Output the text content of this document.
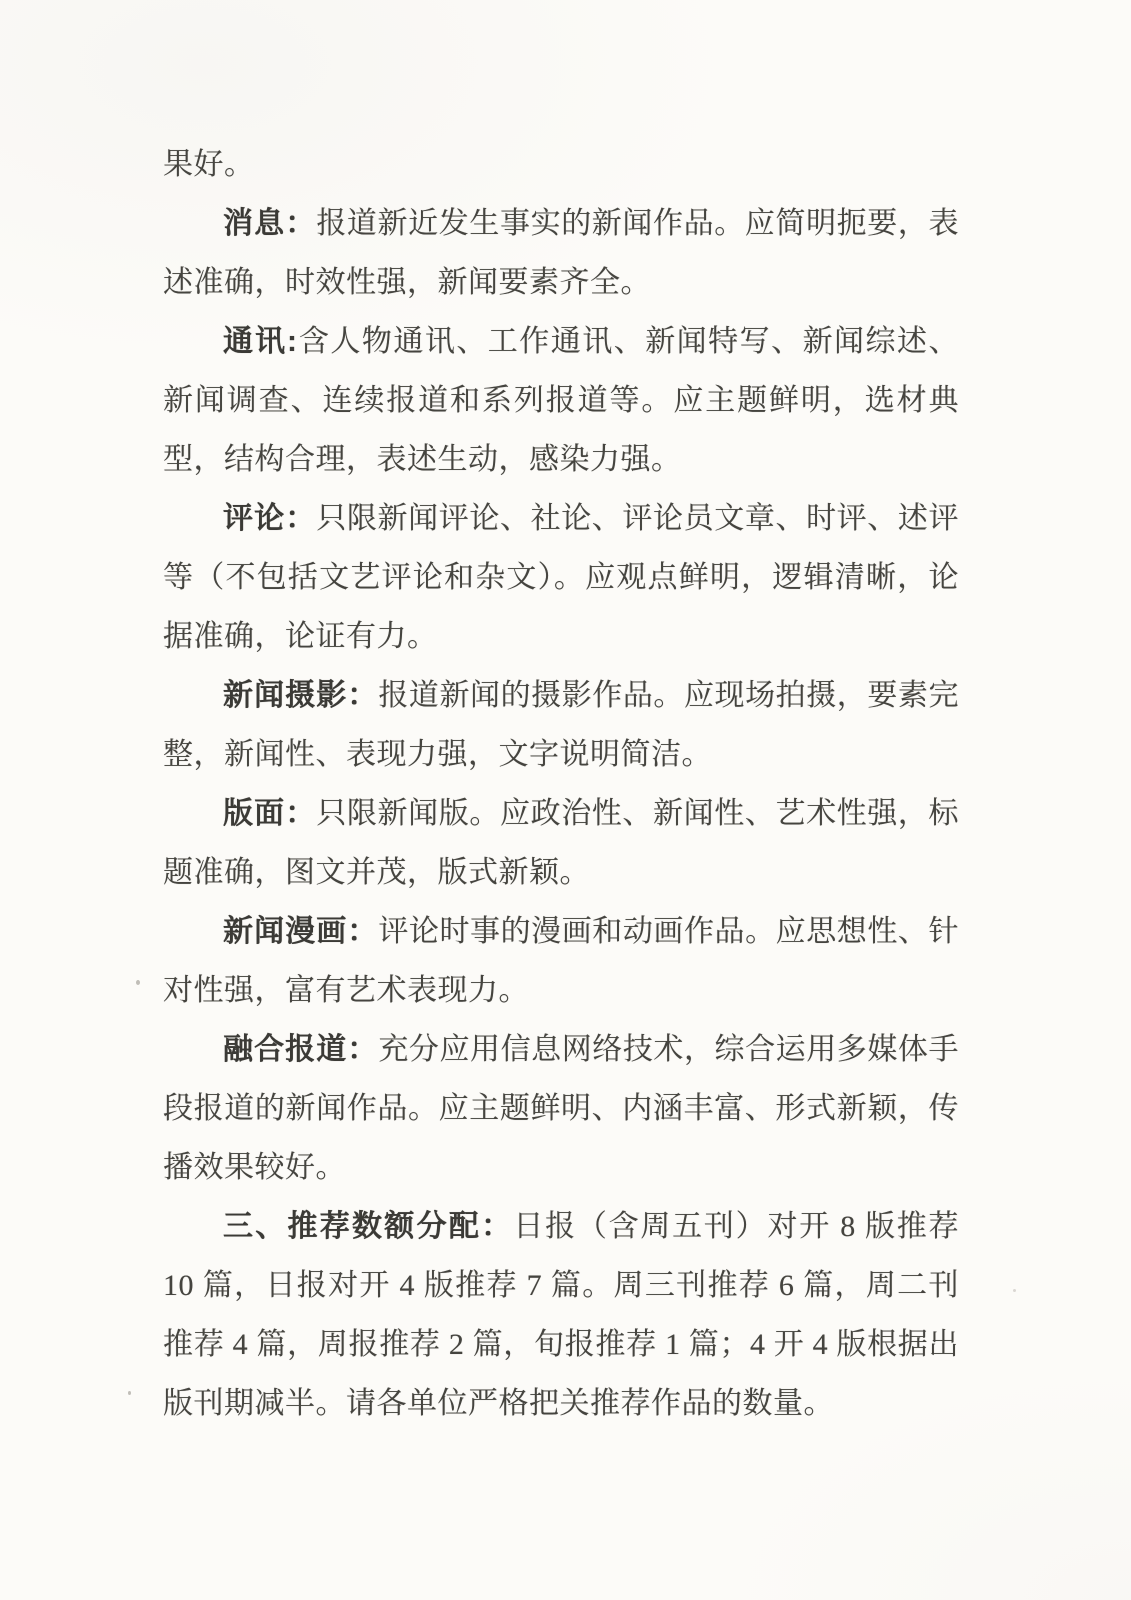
果好。

消息：报道新近发生事实的新闻作品。应简明扼要，表述准确，时效性强，新闻要素齐全。

通讯:含人物通讯、工作通讯、新闻特写、新闻综述、新闻调查、连续报道和系列报道等。应主题鲜明，选材典型，结构合理，表述生动，感染力强。

评论：只限新闻评论、社论、评论员文章、时评、述评等（不包括文艺评论和杂文）。应观点鲜明，逻辑清晰，论据准确，论证有力。

新闻摄影：报道新闻的摄影作品。应现场拍摄，要素完整，新闻性、表现力强，文字说明简洁。

版面：只限新闻版。应政治性、新闻性、艺术性强，标题准确，图文并茂，版式新颖。

新闻漫画：评论时事的漫画和动画作品。应思想性、针对性强，富有艺术表现力。

融合报道：充分应用信息网络技术，综合运用多媒体手段报道的新闻作品。应主题鲜明、内涵丰富、形式新颖，传播效果较好。

三、推荐数额分配：日报（含周五刊）对开 8 版推荐 10 篇，日报对开 4 版推荐 7 篇。周三刊推荐 6 篇，周二刊推荐 4 篇，周报推荐 2 篇，旬报推荐 1 篇；4 开 4 版根据出版刊期减半。请各单位严格把关推荐作品的数量。
